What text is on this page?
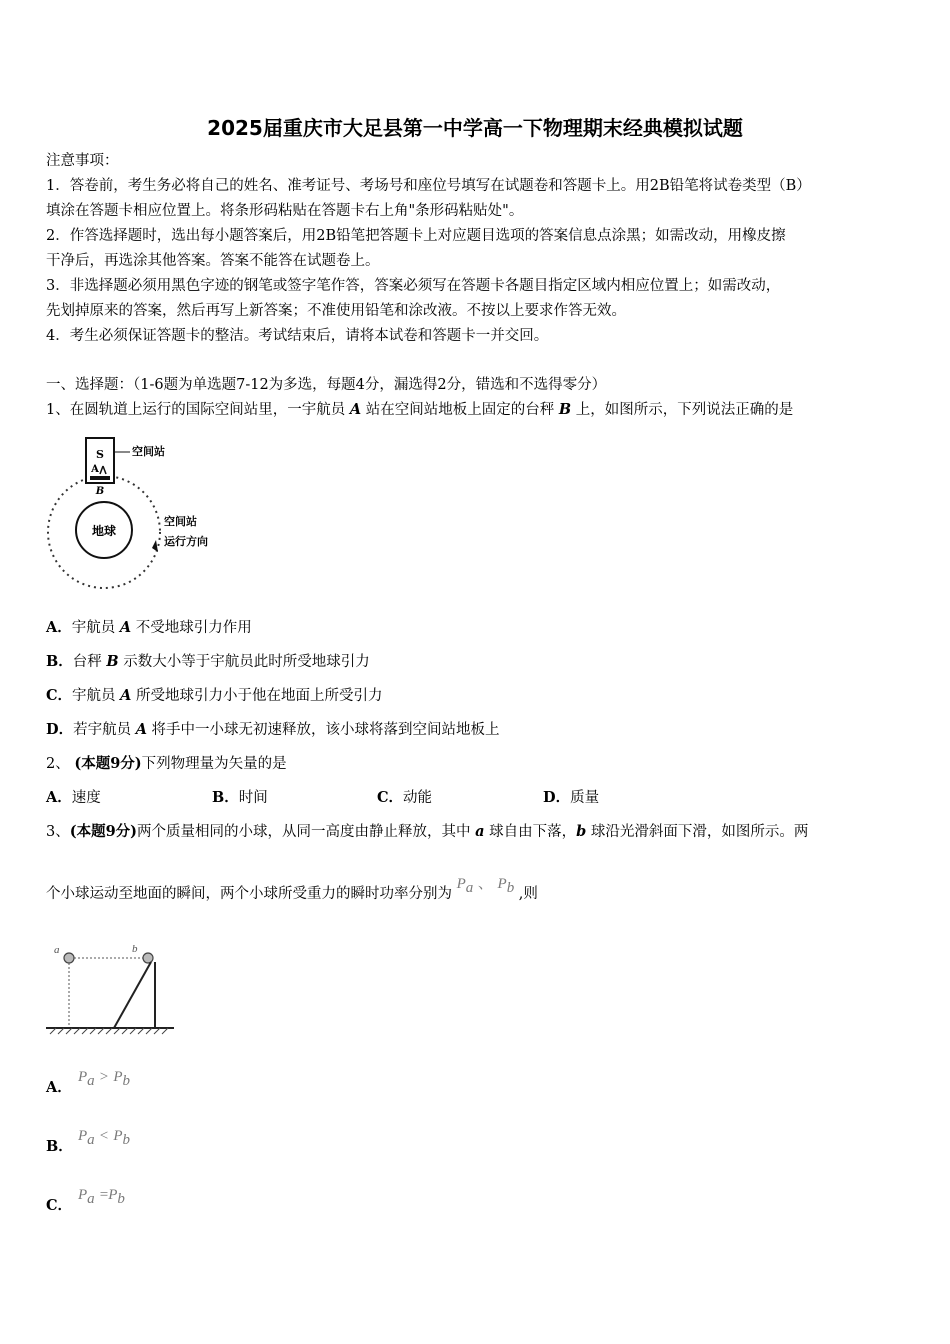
2025届重庆市大足县第一中学高一下物理期末经典模拟试题
注意事项：
1．答卷前，考生务必将自己的姓名、准考证号、考场号和座位号填写在试题卷和答题卡上。用2B铅笔将试卷类型（B）
填涂在答题卡相应位置上。将条形码粘贴在答题卡右上角"条形码粘贴处"。
2．作答选择题时，选出每小题答案后，用2B铅笔把答题卡上对应题目选项的答案信息点涂黑；如需改动，用橡皮擦
干净后，再选涂其他答案。答案不能答在试题卷上。
3．非选择题必须用黑色字迹的钢笔或签字笔作答，答案必须写在答题卡各题目指定区域内相应位置上；如需改动，
先划掉原来的答案，然后再写上新答案；不准使用铅笔和涂改液。不按以上要求作答无效。
4．考生必须保证答题卡的整洁。考试结束后，请将本试卷和答题卡一并交回。
一、选择题：（1-6题为单选题7-12为多选，每题4分，漏选得2分，错选和不选得零分）
1、在圆轨道上运行的国际空间站里，一宇航员 A 站在空间站地板上固定的台秤 B 上，如图所示，下列说法正确的是
地球
S
A
B
空间站
空间站
运行方向
A．宇航员 A 不受地球引力作用
B．台秤 B 示数大小等于宇航员此时所受地球引力
C．宇航员 A 所受地球引力小于他在地面上所受引力
D．若宇航员 A 将手中一小球无初速释放，该小球将落到空间站地板上
2、 (本题9分)下列物理量为矢量的是
A．速度	B．时间	C．动能	D．质量
3、(本题9分)两个质量相同的小球，从同一高度由静止释放，其中 a 球自由下落，b 球沿光滑斜面下滑，如图所示。两
个小球运动至地面的瞬间，两个小球所受重力的瞬时功率分别为 $P_a$ 、 $P_b$ ,则
a	b
A．
$P_a > P_b$
B．
$P_a < P_b$
C．
$P_a =P_b$
